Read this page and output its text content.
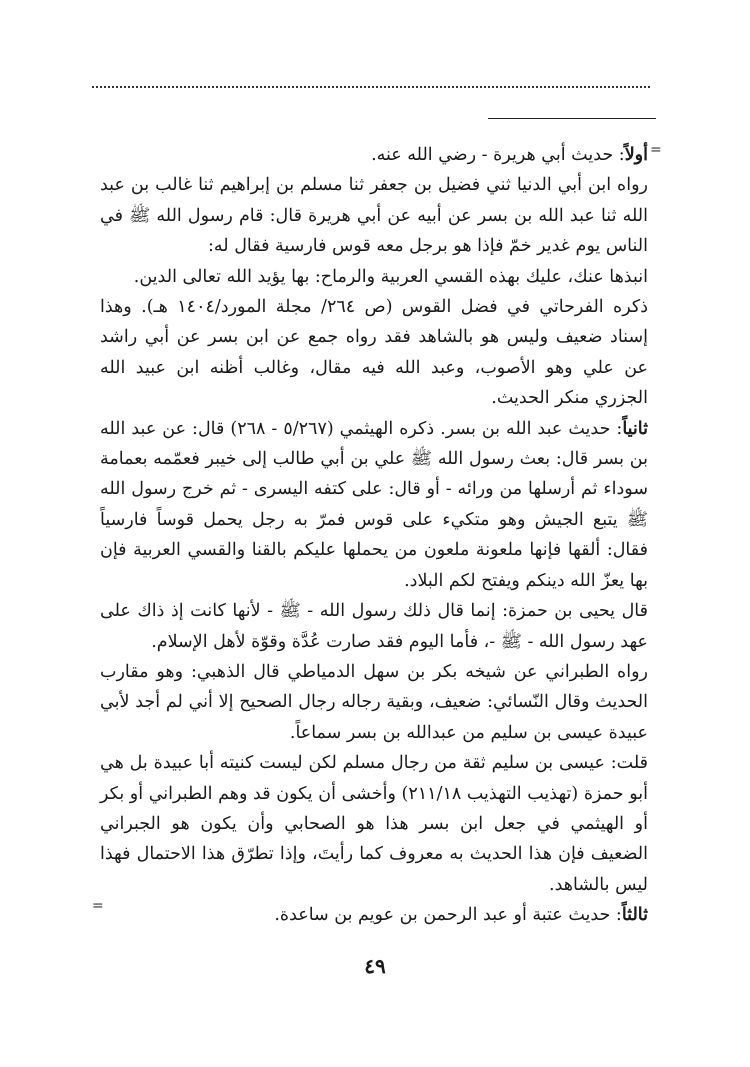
=
=

أولاً: حديث أبي هريرة - رضي الله عنه.

رواه ابن أبي الدنيا ثني فضيل بن جعفر ثنا مسلم بن إبراهيم ثنا غالب بن عبد الله ثنا عبد الله بن بسر عن أبيه عن أبي هريرة قال: قام رسول الله ﷺ في الناس يوم غدير خمّ فإذا هو برجل معه قوس فارسية فقال له:

انبذها عنك، عليك بهذه القسي العربية والرماح: بها يؤيد الله تعالى الدين.

ذكره الفرحاتي في فضل القوس (ص ٢٦٤/ مجلة المورد/١٤٠٤ هـ). وهذا إسناد ضعيف وليس هو بالشاهد فقد رواه جمع عن ابن بسر عن أبي راشد عن علي وهو الأصوب، وعبد الله فيه مقال، وغالب أظنه ابن عبيد الله الجزري منكر الحديث.

ثانياً: حديث عبد الله بن بسر. ذكره الهيثمي (٥/٢٦٧ - ٢٦٨) قال: عن عبد الله بن بسر قال: بعث رسول الله ﷺ علي بن أبي طالب إلى خيبر فعمّمه بعمامة سوداء ثم أرسلها من ورائه - أو قال: على كتفه اليسرى - ثم خرج رسول الله ﷺ يتبع الجيش وهو متكيء على قوس فمرّ به رجل يحمل قوساً فارسياً فقال: ألقها فإنها ملعونة ملعون من يحملها عليكم بالقنا والقسي العربية فإن بها يعزّ الله دينكم ويفتح لكم البلاد.

قال يحيى بن حمزة: إنما قال ذلك رسول الله - ﷺ - لأنها كانت إذ ذاك على عهد رسول الله - ﷺ -، فأما اليوم فقد صارت عُدَّة وقوّة لأهل الإسلام.

رواه الطبراني عن شيخه بكر بن سهل الدمياطي قال الذهبي: وهو مقارب الحديث وقال النّسائي: ضعيف، وبقية رجاله رجال الصحيح إلا أني لم أجد لأبي عبيدة عيسى بن سليم من عبدالله بن بسر سماعاً.

قلت: عيسى بن سليم ثقة من رجال مسلم لكن ليست كنيته أبا عبيدة بل هي أبو حمزة (تهذيب التهذيب ٢١١/١٨) وأخشى أن يكون قد وهم الطبراني أو بكر أو الهيثمي في جعل ابن بسر هذا هو الصحابي وأن يكون هو الجبراني الضعيف فإن هذا الحديث به معروف كما رأيتَ، وإذا تطرّق هذا الاحتمال فهذا ليس بالشاهد.

ثالثاً: حديث عتبة أو عبد الرحمن بن عويم بن ساعدة.

٤٩
